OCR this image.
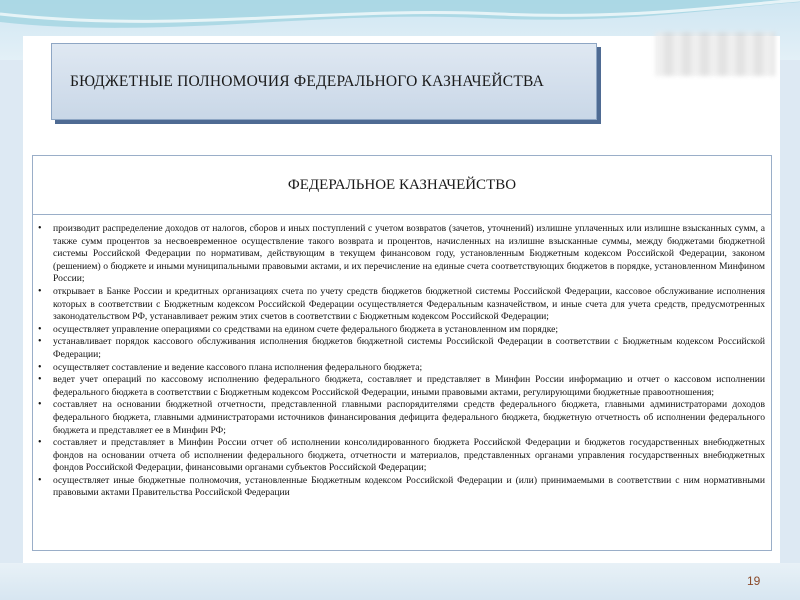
БЮДЖЕТНЫЕ ПОЛНОМОЧИЯ ФЕДЕРАЛЬНОГО КАЗНАЧЕЙСТВА
ФЕДЕРАЛЬНОЕ КАЗНАЧЕЙСТВО
• производит распределение доходов от налогов, сборов и иных поступлений с учетом возвратов (зачетов, уточнений) излишне уплаченных или излишне взысканных сумм, а также сумм процентов за несвоевременное осуществление такого возврата и процентов, начисленных на излишне взысканные суммы, между бюджетами бюджетной системы Российской Федерации по нормативам, действующим в текущем финансовом году, установленным Бюджетным кодексом Российской Федерации, законом (решением) о бюджете и иными муниципальными правовыми актами, и их перечисление на единые счета соответствующих бюджетов в порядке, установленном Минфином России;
• открывает в Банке России и кредитных организациях счета по учету средств бюджетов бюджетной системы Российской Федерации, кассовое обслуживание исполнения которых в соответствии с Бюджетным кодексом Российской Федерации осуществляется Федеральным казначейством, и иные счета для учета средств, предусмотренных законодательством РФ, устанавливает режим этих счетов в соответствии с Бюджетным кодексом Российской Федерации;
• осуществляет управление операциями со средствами на едином счете федерального бюджета в установленном им порядке;
• устанавливает порядок кассового обслуживания исполнения бюджетов бюджетной системы Российской Федерации в соответствии с Бюджетным кодексом Российской Федерации;
• осуществляет составление и ведение кассового плана исполнения федерального бюджета;
• ведет учет операций по кассовому исполнению федерального бюджета, составляет и представляет в Минфин России информацию и отчет о кассовом исполнении федерального бюджета в соответствии с Бюджетным кодексом Российской Федерации, иными правовыми актами, регулирующими бюджетные правоотношения;
• составляет на основании бюджетной отчетности, представленной главными распорядителями средств федерального бюджета, главными администраторами доходов федерального бюджета, главными администраторами источников финансирования дефицита федерального бюджета, бюджетную отчетность об исполнении федерального бюджета и представляет ее в Минфин РФ;
• составляет и представляет в Минфин России отчет об исполнении консолидированного бюджета Российской Федерации и бюджетов государственных внебюджетных фондов на основании отчета об исполнении федерального бюджета, отчетности и материалов, представленных органами управления государственных внебюджетных фондов Российской Федерации, финансовыми органами субъектов Российской Федерации;
• осуществляет иные бюджетные полномочия, установленные Бюджетным кодексом Российской Федерации и (или) принимаемыми в соответствии с ним нормативными правовыми актами Правительства Российской Федерации
19
